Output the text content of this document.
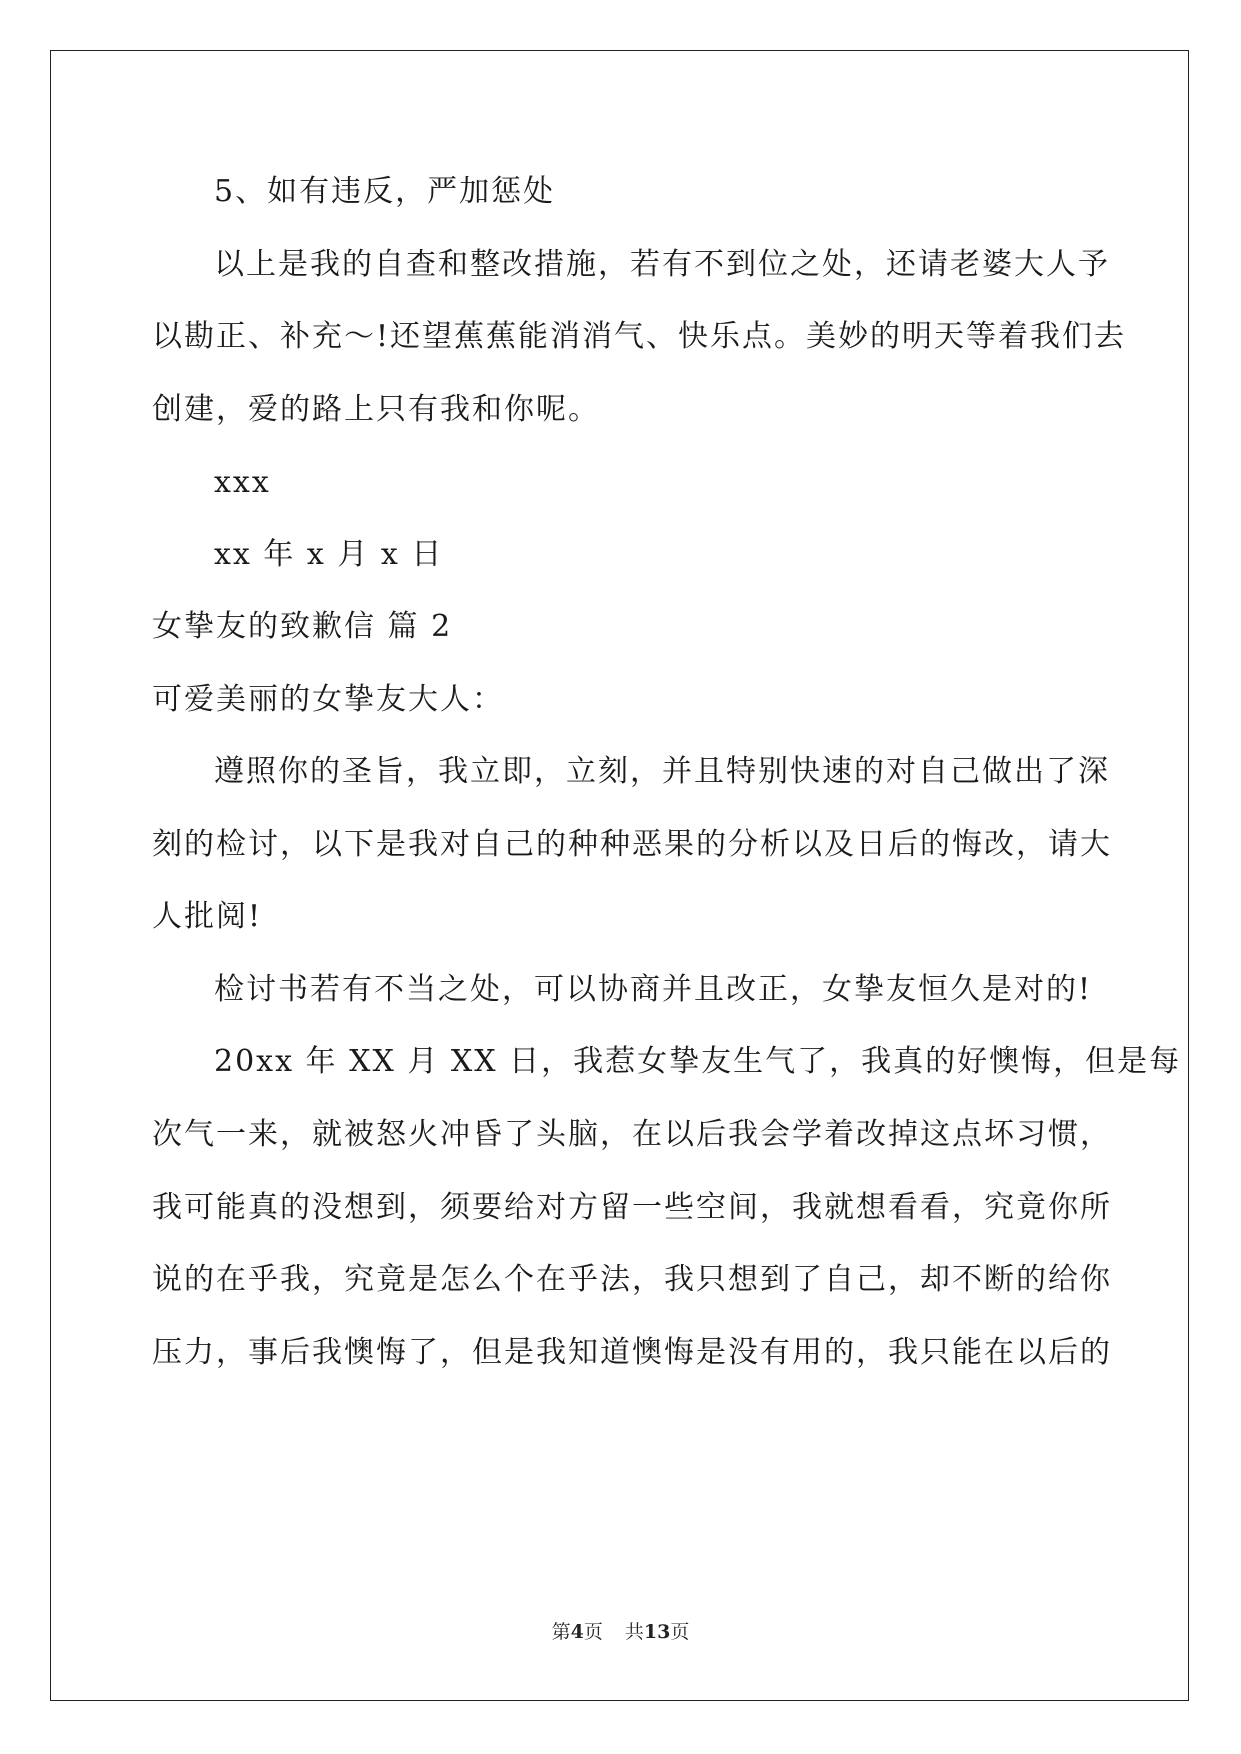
5、如有违反，严加惩处
以上是我的自查和整改措施，若有不到位之处，还请老婆大人予
以勘正、补充～!还望蕉蕉能消消气、快乐点。美妙的明天等着我们去
创建，爱的路上只有我和你呢。
xxx
xx 年 x 月 x 日
女挚友的致歉信 篇 2
可爱美丽的女挚友大人：
遵照你的圣旨，我立即，立刻，并且特别快速的对自己做出了深
刻的检讨，以下是我对自己的种种恶果的分析以及日后的悔改，请大
人批阅!
检讨书若有不当之处，可以协商并且改正，女挚友恒久是对的!
20xx 年 XX 月 XX 日，我惹女挚友生气了，我真的好懊悔，但是每
次气一来，就被怒火冲昏了头脑，在以后我会学着改掉这点坏习惯，
我可能真的没想到，须要给对方留一些空间，我就想看看，究竟你所
说的在乎我，究竟是怎么个在乎法，我只想到了自己，却不断的给你
压力，事后我懊悔了，但是我知道懊悔是没有用的，我只能在以后的
第4页 共13页
